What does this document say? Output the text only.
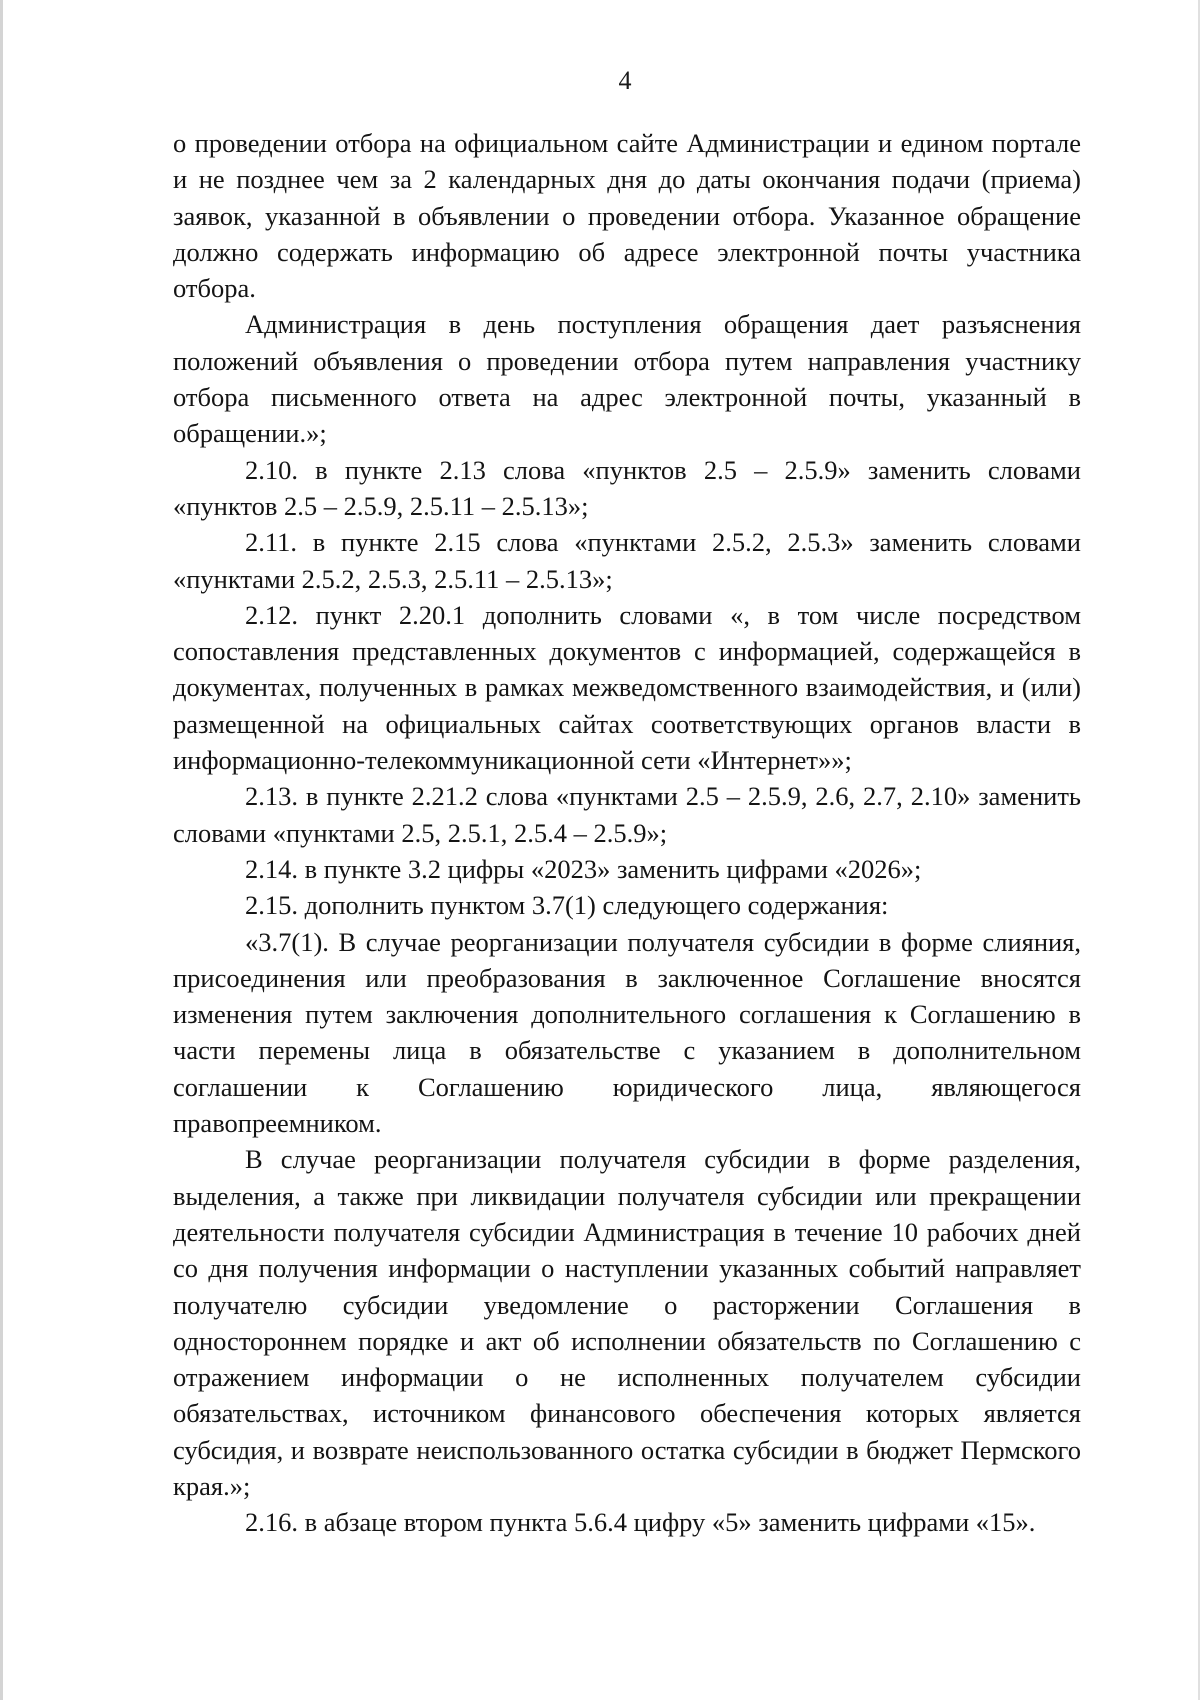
4

о проведении отбора на официальном сайте Администрации и едином портале и не позднее чем за 2 календарных дня до даты окончания подачи (приема) заявок, указанной в объявлении о проведении отбора. Указанное обращение должно содержать информацию об адресе электронной почты участника отбора.

Администрация в день поступления обращения дает разъяснения положений объявления о проведении отбора путем направления участнику отбора письменного ответа на адрес электронной почты, указанный в обращении.»;

2.10. в пункте 2.13 слова «пунктов 2.5 – 2.5.9» заменить словами «пунктов 2.5 – 2.5.9, 2.5.11 – 2.5.13»;

2.11. в пункте 2.15 слова «пунктами 2.5.2, 2.5.3» заменить словами «пунктами 2.5.2, 2.5.3, 2.5.11 – 2.5.13»;

2.12. пункт 2.20.1 дополнить словами «, в том числе посредством сопоставления представленных документов с информацией, содержащейся в документах, полученных в рамках межведомственного взаимодействия, и (или) размещенной на официальных сайтах соответствующих органов власти в информационно-телекоммуникационной сети «Интернет»»;

2.13. в пункте 2.21.2 слова «пунктами 2.5 – 2.5.9, 2.6, 2.7, 2.10» заменить словами «пунктами 2.5, 2.5.1, 2.5.4 – 2.5.9»;

2.14. в пункте 3.2 цифры «2023» заменить цифрами «2026»;

2.15. дополнить пунктом 3.7(1) следующего содержания:

«3.7(1). В случае реорганизации получателя субсидии в форме слияния, присоединения или преобразования в заключенное Соглашение вносятся изменения путем заключения дополнительного соглашения к Соглашению в части перемены лица в обязательстве с указанием в дополнительном соглашении к Соглашению юридического лица, являющегося правопреемником.

В случае реорганизации получателя субсидии в форме разделения, выделения, а также при ликвидации получателя субсидии или прекращении деятельности получателя субсидии Администрация в течение 10 рабочих дней со дня получения информации о наступлении указанных событий направляет получателю субсидии уведомление о расторжении Соглашения в одностороннем порядке и акт об исполнении обязательств по Соглашению с отражением информации о не исполненных получателем субсидии обязательствах, источником финансового обеспечения которых является субсидия, и возврате неиспользованного остатка субсидии в бюджет Пермского края.»;

2.16. в абзаце втором пункта 5.6.4 цифру «5» заменить цифрами «15».
